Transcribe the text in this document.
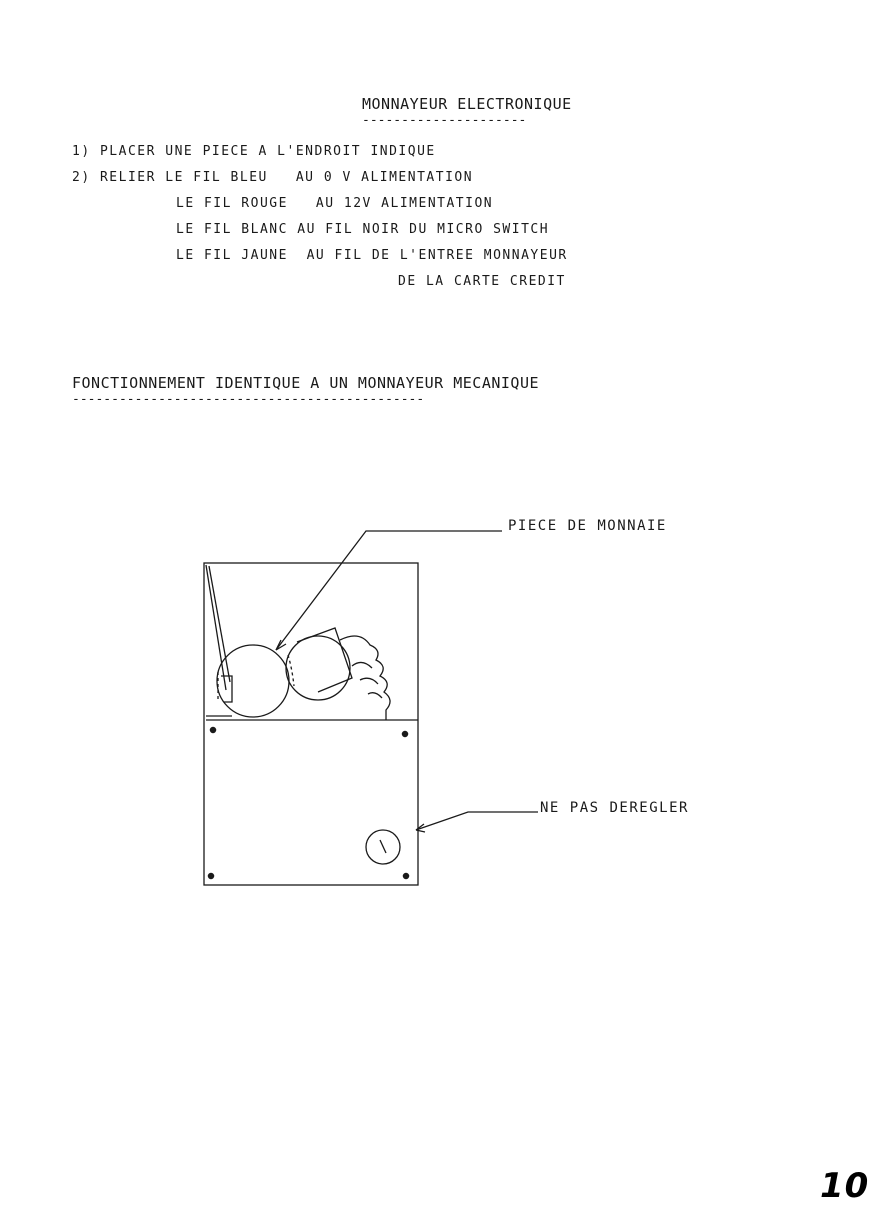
MONNAYEUR ELECTRONIQUE
---------------------
1) PLACER UNE PIECE A L'ENDROIT INDIQUE
2) RELIER LE FIL BLEU   AU 0 V ALIMENTATION
LE FIL ROUGE   AU 12V ALIMENTATION
LE FIL BLANC AU FIL NOIR DU MICRO SWITCH
LE FIL JAUNE  AU FIL DE L'ENTREE MONNAYEUR
DE LA CARTE CREDIT
FONCTIONNEMENT IDENTIQUE A UN MONNAYEUR MECANIQUE
---------------------------------------------
PIECE DE MONNAIE
NE PAS DEREGLER
10
